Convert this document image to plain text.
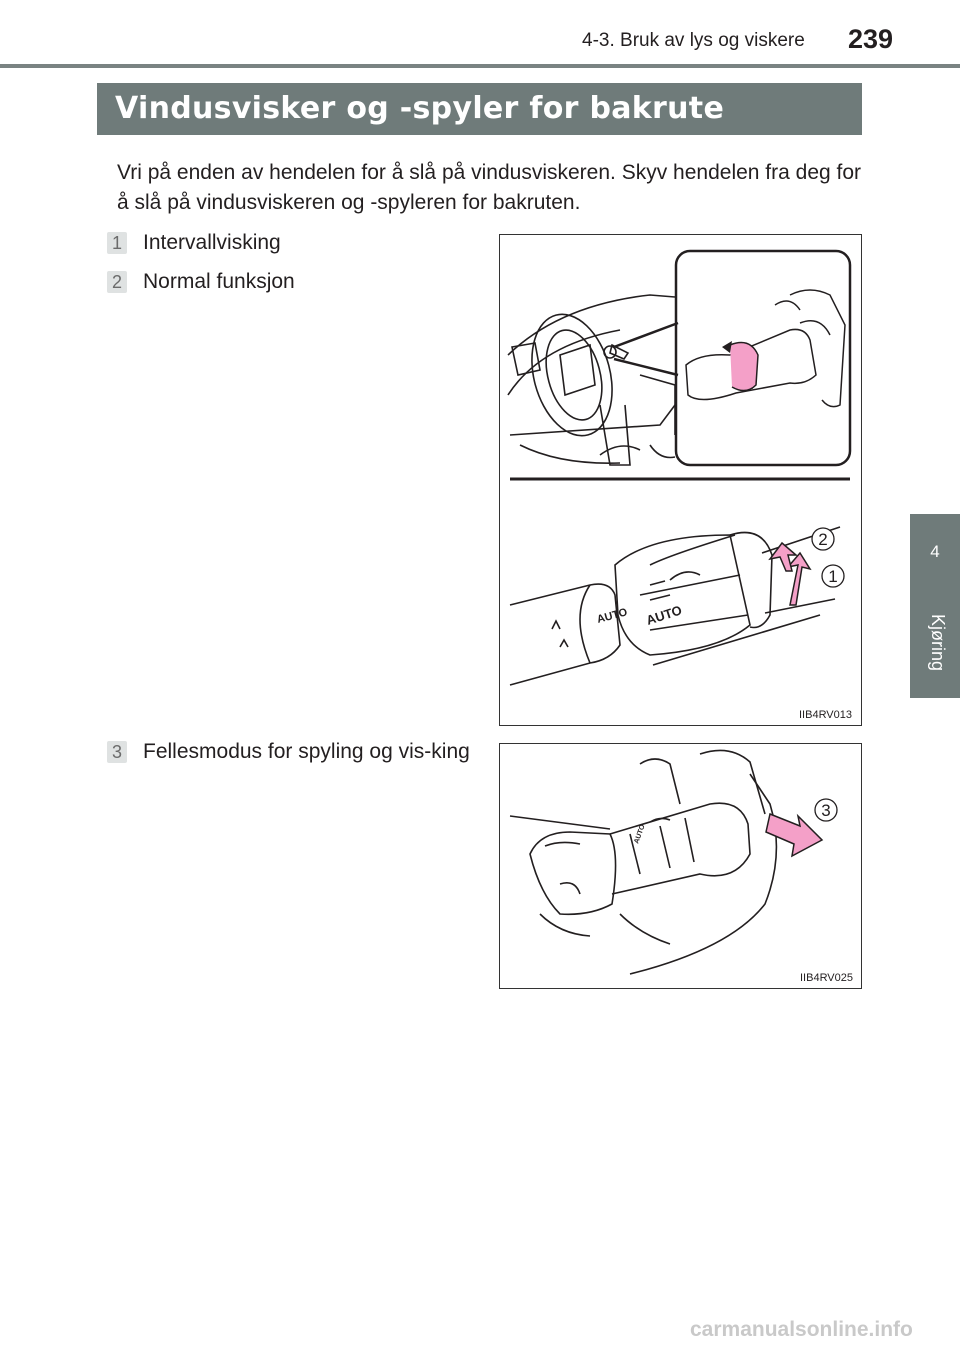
4-3. Bruk av lys og viskere 239
Vindusvisker og -spyler for bakrute
4
Kjøring

Vri på enden av hendelen for å slå på vindusviskeren. Skyv hendelen fra deg for å slå på vindusviskeren og -spyleren for bakruten.

1 Intervallvisking

2 Normal funksjon

3 Fellesmodus for spyling og vis-king

AUTO AUTO
2
1
IIB4RV013
AUTO
3
IIB4RV025
carmanualsonline.info
